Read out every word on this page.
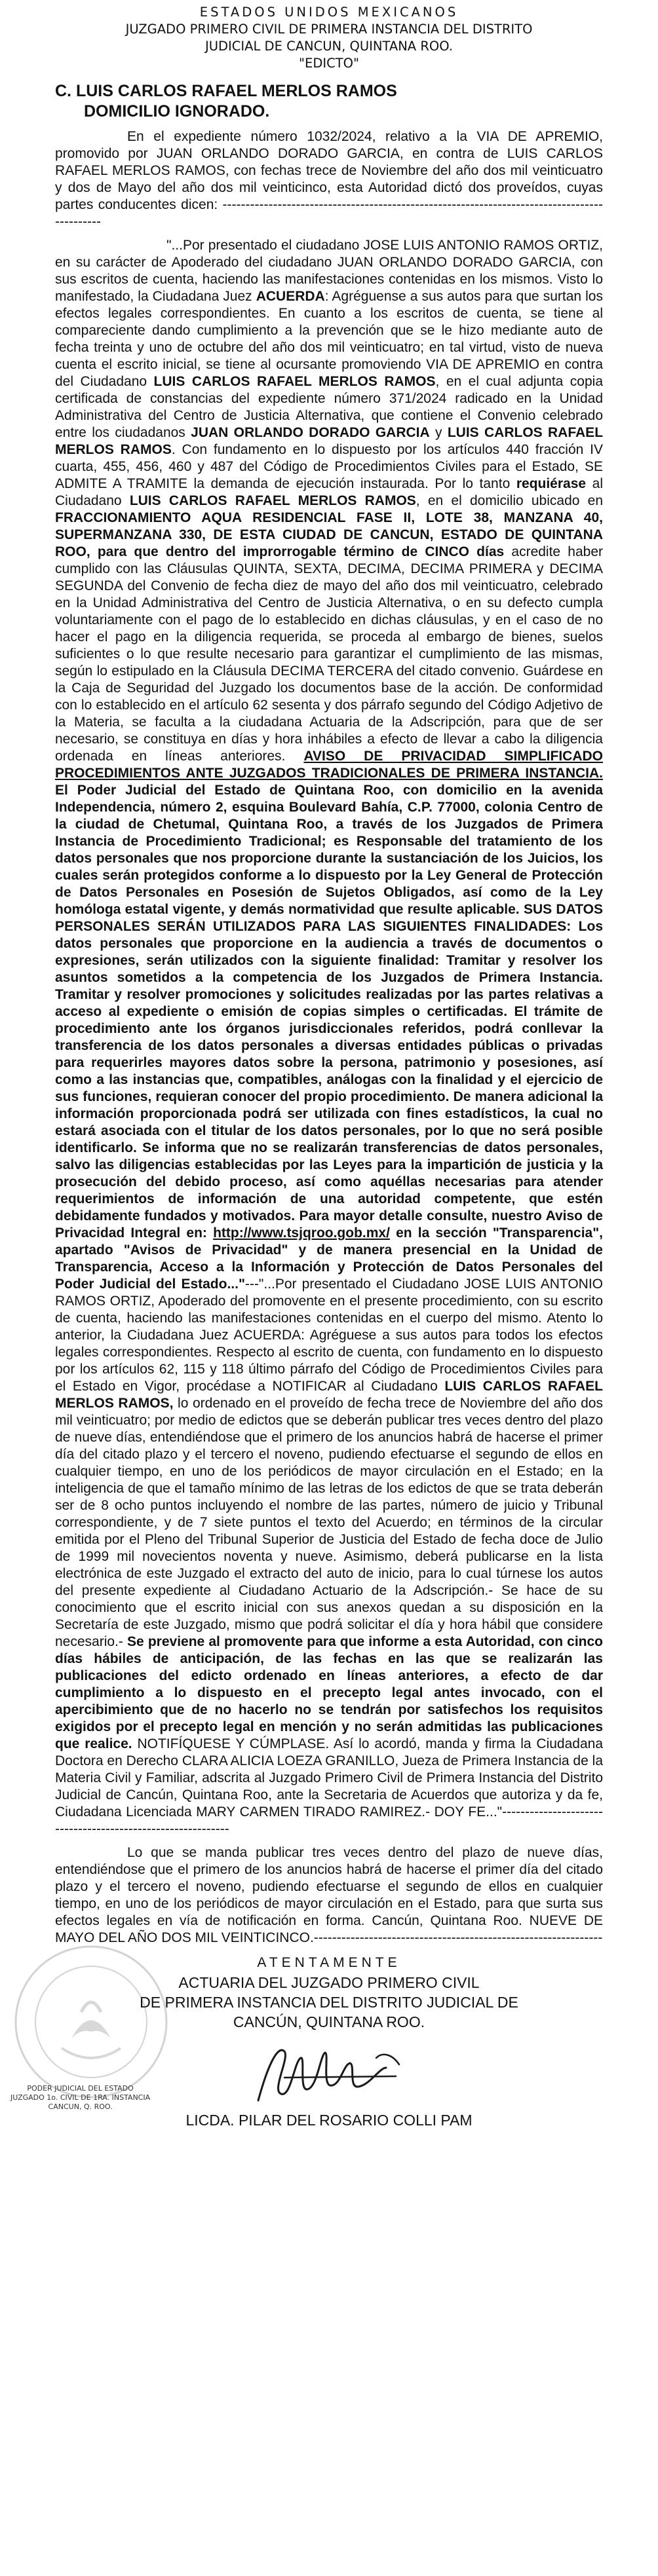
ESTADOS UNIDOS MEXICANOS
JUZGADO PRIMERO CIVIL DE PRIMERA INSTANCIA DEL DISTRITO
JUDICIAL DE CANCUN, QUINTANA ROO.
"EDICTO"
C. LUIS CARLOS RAFAEL MERLOS RAMOS
DOMICILIO IGNORADO.
En el expediente número 1032/2024, relativo a la VIA DE APREMIO, promovido por JUAN ORLANDO DORADO GARCIA, en contra de LUIS CARLOS RAFAEL MERLOS RAMOS, con fechas trece de Noviembre del año dos mil veinticuatro y dos de Mayo del año dos mil veinticinco, esta Autoridad dictó dos proveídos, cuyas partes conducentes dicen: ---------------------------------------------------------------------------------------------
"...Por presentado el ciudadano JOSE LUIS ANTONIO RAMOS ORTIZ, en su carácter de Apoderado del ciudadano JUAN ORLANDO DORADO GARCIA, con sus escritos de cuenta, haciendo las manifestaciones contenidas en los mismos. Visto lo manifestado, la Ciudadana Juez ACUERDA: Agréguense a sus autos para que surtan los efectos legales correspondientes. En cuanto a los escritos de cuenta, se tiene al compareciente dando cumplimiento a la prevención que se le hizo mediante auto de fecha treinta y uno de octubre del año dos mil veinticuatro; en tal virtud, visto de nueva cuenta el escrito inicial, se tiene al ocursante promoviendo VIA DE APREMIO en contra del Ciudadano LUIS CARLOS RAFAEL MERLOS RAMOS, en el cual adjunta copia certificada de constancias del expediente número 371/2024 radicado en la Unidad Administrativa del Centro de Justicia Alternativa, que contiene el Convenio celebrado entre los ciudadanos JUAN ORLANDO DORADO GARCIA y LUIS CARLOS RAFAEL MERLOS RAMOS. Con fundamento en lo dispuesto por los artículos 440 fracción IV cuarta, 455, 456, 460 y 487 del Código de Procedimientos Civiles para el Estado, SE ADMITE A TRAMITE la demanda de ejecución instaurada. Por lo tanto requiérase al Ciudadano LUIS CARLOS RAFAEL MERLOS RAMOS, en el domicilio ubicado en FRACCIONAMIENTO AQUA RESIDENCIAL FASE II, LOTE 38, MANZANA 40, SUPERMANZANA 330, DE ESTA CIUDAD DE CANCUN, ESTADO DE QUINTANA ROO, para que dentro del improrrogable término de CINCO días acredite haber cumplido con las Cláusulas QUINTA, SEXTA, DECIMA, DECIMA PRIMERA y DECIMA SEGUNDA del Convenio de fecha diez de mayo del año dos mil veinticuatro, celebrado en la Unidad Administrativa del Centro de Justicia Alternativa, o en su defecto cumpla voluntariamente con el pago de lo establecido en dichas cláusulas, y en el caso de no hacer el pago en la diligencia requerida, se proceda al embargo de bienes, suelos suficientes o lo que resulte necesario para garantizar el cumplimiento de las mismas, según lo estipulado en la Cláusula DECIMA TERCERA del citado convenio. Guárdese en la Caja de Seguridad del Juzgado los documentos base de la acción. De conformidad con lo establecido en el artículo 62 sesenta y dos párrafo segundo del Código Adjetivo de la Materia, se faculta a la ciudadana Actuaria de la Adscripción, para que de ser necesario, se constituya en días y hora inhábiles a efecto de llevar a cabo la diligencia ordenada en líneas anteriores. AVISO DE PRIVACIDAD SIMPLIFICADO PROCEDIMIENTOS ANTE JUZGADOS TRADICIONALES DE PRIMERA INSTANCIA. El Poder Judicial del Estado de Quintana Roo, con domicilio en la avenida Independencia, número 2, esquina Boulevard Bahía, C.P. 77000, colonia Centro de la ciudad de Chetumal, Quintana Roo, a través de los Juzgados de Primera Instancia de Procedimiento Tradicional; es Responsable del tratamiento de los datos personales que nos proporcione durante la sustanciación de los Juicios, los cuales serán protegidos conforme a lo dispuesto por la Ley General de Protección de Datos Personales en Posesión de Sujetos Obligados, así como de la Ley homóloga estatal vigente, y demás normatividad que resulte aplicable. SUS DATOS PERSONALES SERÁN UTILIZADOS PARA LAS SIGUIENTES FINALIDADES: Los datos personales que proporcione en la audiencia a través de documentos o expresiones, serán utilizados con la siguiente finalidad: Tramitar y resolver los asuntos sometidos a la competencia de los Juzgados de Primera Instancia. Tramitar y resolver promociones y solicitudes realizadas por las partes relativas a acceso al expediente o emisión de copias simples o certificadas. El trámite de procedimiento ante los órganos jurisdiccionales referidos, podrá conllevar la transferencia de los datos personales a diversas entidades públicas o privadas para requerirles mayores datos sobre la persona, patrimonio y posesiones, así como a las instancias que, compatibles, análogas con la finalidad y el ejercicio de sus funciones, requieran conocer del propio procedimiento. De manera adicional la información proporcionada podrá ser utilizada con fines estadísticos, la cual no estará asociada con el titular de los datos personales, por lo que no será posible identificarlo. Se informa que no se realizarán transferencias de datos personales, salvo las diligencias establecidas por las Leyes para la impartición de justicia y la prosecución del debido proceso, así como aquéllas necesarias para atender requerimientos de información de una autoridad competente, que estén debidamente fundados y motivados. Para mayor detalle consulte, nuestro Aviso de Privacidad Integral en: http://www.tsjqroo.gob.mx/ en la sección "Transparencia", apartado "Avisos de Privacidad" y de manera presencial en la Unidad de Transparencia, Acceso a la Información y Protección de Datos Personales del Poder Judicial del Estado..."---"...Por presentado el Ciudadano JOSE LUIS ANTONIO RAMOS ORTIZ, Apoderado del promovente en el presente procedimiento, con su escrito de cuenta, haciendo las manifestaciones contenidas en el cuerpo del mismo. Atento lo anterior, la Ciudadana Juez ACUERDA: Agréguese a sus autos para todos los efectos legales correspondientes. Respecto al escrito de cuenta, con fundamento en lo dispuesto por los artículos 62, 115 y 118 último párrafo del Código de Procedimientos Civiles para el Estado en Vigor, procédase a NOTIFICAR al Ciudadano LUIS CARLOS RAFAEL MERLOS RAMOS, lo ordenado en el proveído de fecha trece de Noviembre del año dos mil veinticuatro; por medio de edictos que se deberán publicar tres veces dentro del plazo de nueve días, entendiéndose que el primero de los anuncios habrá de hacerse el primer día del citado plazo y el tercero el noveno, pudiendo efectuarse el segundo de ellos en cualquier tiempo, en uno de los periódicos de mayor circulación en el Estado; en la inteligencia de que el tamaño mínimo de las letras de los edictos de que se trata deberán ser de 8 ocho puntos incluyendo el nombre de las partes, número de juicio y Tribunal correspondiente, y de 7 siete puntos el texto del Acuerdo; en términos de la circular emitida por el Pleno del Tribunal Superior de Justicia del Estado de fecha doce de Julio de 1999 mil novecientos noventa y nueve. Asimismo, deberá publicarse en la lista electrónica de este Juzgado el extracto del auto de inicio, para lo cual túrnese los autos del presente expediente al Ciudadano Actuario de la Adscripción.- Se hace de su conocimiento que el escrito inicial con sus anexos quedan a su disposición en la Secretaría de este Juzgado, mismo que podrá solicitar el día y hora hábil que considere necesario.- Se previene al promovente para que informe a esta Autoridad, con cinco días hábiles de anticipación, de las fechas en las que se realizarán las publicaciones del edicto ordenado en líneas anteriores, a efecto de dar cumplimiento a lo dispuesto en el precepto legal antes invocado, con el apercibimiento que de no hacerlo no se tendrán por satisfechos los requisitos exigidos por el precepto legal en mención y no serán admitidas las publicaciones que realice. NOTIFÍQUESE Y CÚMPLASE. Así lo acordó, manda y firma la Ciudadana Doctora en Derecho CLARA ALICIA LOEZA GRANILLO, Jueza de Primera Instancia de la Materia Civil y Familiar, adscrita al Juzgado Primero Civil de Primera Instancia del Distrito Judicial de Cancún, Quintana Roo, ante la Secretaria de Acuerdos que autoriza y da fe, Ciudadana Licenciada MARY CARMEN TIRADO RAMIREZ.- DOY FE..."------------------------------------------------------------
Lo que se manda publicar tres veces dentro del plazo de nueve días, entendiéndose que el primero de los anuncios habrá de hacerse el primer día del citado plazo y el tercero el noveno, pudiendo efectuarse el segundo de ellos en cualquier tiempo, en uno de los periódicos de mayor circulación en el Estado, para que surta sus efectos legales en vía de notificación en forma. Cancún, Quintana Roo. NUEVE DE MAYO DEL AÑO DOS MIL VEINTICINCO.---------------------------------------------------------------
ATENTAMENTE
ACTUARIA DEL JUZGADO PRIMERO CIVIL
DE PRIMERA INSTANCIA DEL DISTRITO JUDICIAL DE
CANCÚN, QUINTANA ROO.
PODER JUDICIAL DEL ESTADO
JUZGADO 1o. CIVIL DE 1RA. INSTANCIA
CANCUN, Q. ROO.
LICDA. PILAR DEL ROSARIO COLLI PAM
